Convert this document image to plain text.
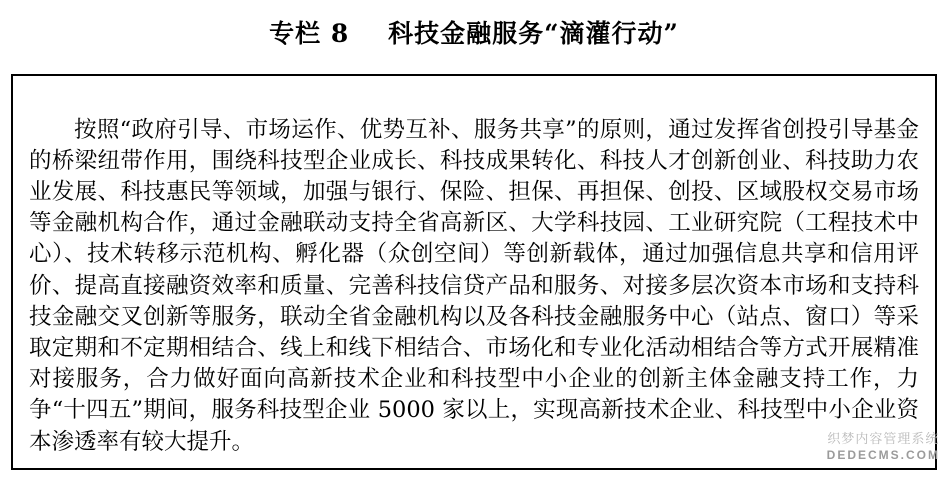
专栏 8    科技金融服务“滴灌行动”

按照“政府引导、市场运作、优势互补、服务共享”的原则，通过发挥省创投引导基金的桥梁纽带作用，围绕科技型企业成长、科技成果转化、科技人才创新创业、科技助力农业发展、科技惠民等领域，加强与银行、保险、担保、再担保、创投、区域股权交易市场等金融机构合作，通过金融联动支持全省高新区、大学科技园、工业研究院（工程技术中心）、技术转移示范机构、孵化器（众创空间）等创新载体，通过加强信息共享和信用评价、提高直接融资效率和质量、完善科技信贷产品和服务、对接多层次资本市场和支持科技金融交叉创新等服务，联动全省金融机构以及各科技金融服务中心（站点、窗口）等采取定期和不定期相结合、线上和线下相结合、市场化和专业化活动相结合等方式开展精准对接服务，合力做好面向高新技术企业和科技型中小企业的创新主体金融支持工作，力争“十四五”期间，服务科技型企业 5000 家以上，实现高新技术企业、科技型中小企业资本渗透率有较大提升。	织梦内容管理系统
DEDECMS.COM
